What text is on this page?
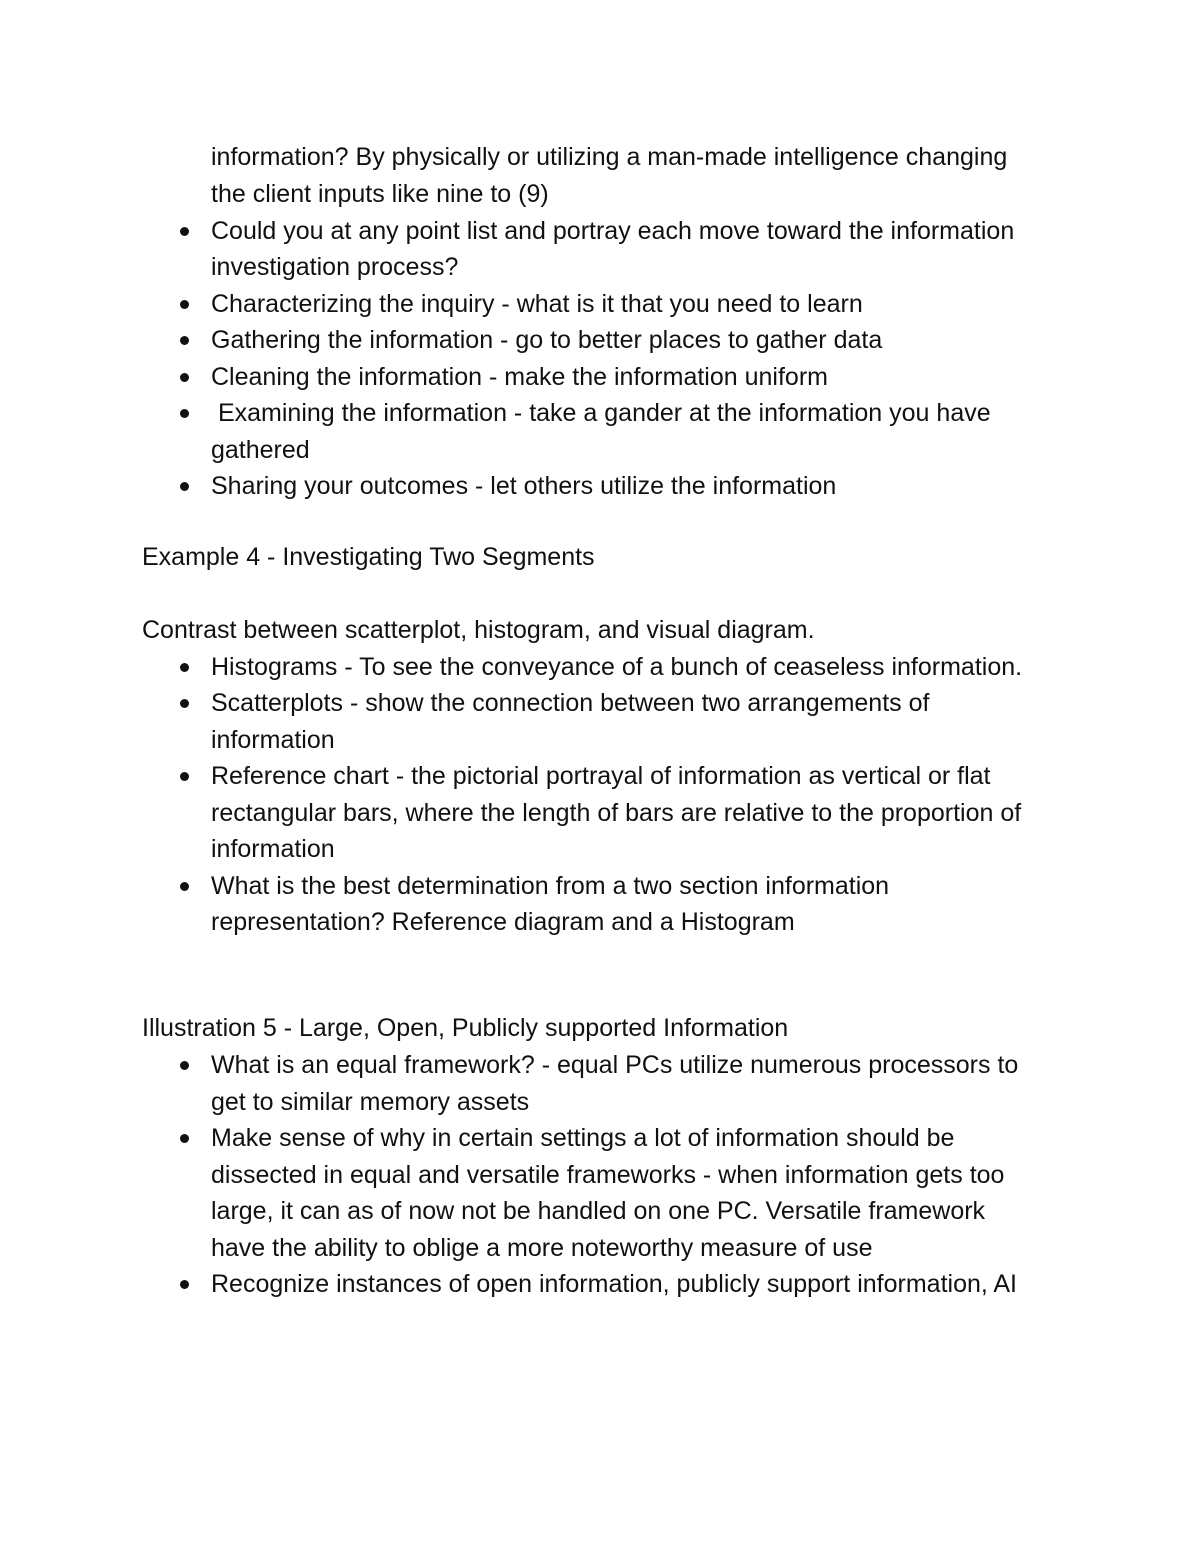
information? By physically or utilizing a man-made intelligence changing the client inputs like nine to (9)

Could you at any point list and portray each move toward the information investigation process?
Characterizing the inquiry - what is it that you need to learn
Gathering the information - go to better places to gather data
Cleaning the information - make the information uniform
Examining the information - take a gander at the information you have gathered
Sharing your outcomes - let others utilize the information
Example 4 - Investigating Two Segments

Contrast between scatterplot, histogram, and visual diagram.

Histograms - To see the conveyance of a bunch of ceaseless information.
Scatterplots - show the connection between two arrangements of information
Reference chart - the pictorial portrayal of information as vertical or flat rectangular bars, where the length of bars are relative to the proportion of information
What is the best determination from a two section information representation? Reference diagram and a Histogram
Illustration 5 - Large, Open, Publicly supported Information
What is an equal framework? - equal PCs utilize numerous processors to get to similar memory assets
Make sense of why in certain settings a lot of information should be dissected in equal and versatile frameworks - when information gets too large, it can as of now not be handled on one PC. Versatile framework have the ability to oblige a more noteworthy measure of use
Recognize instances of open information, publicly support information, AI
